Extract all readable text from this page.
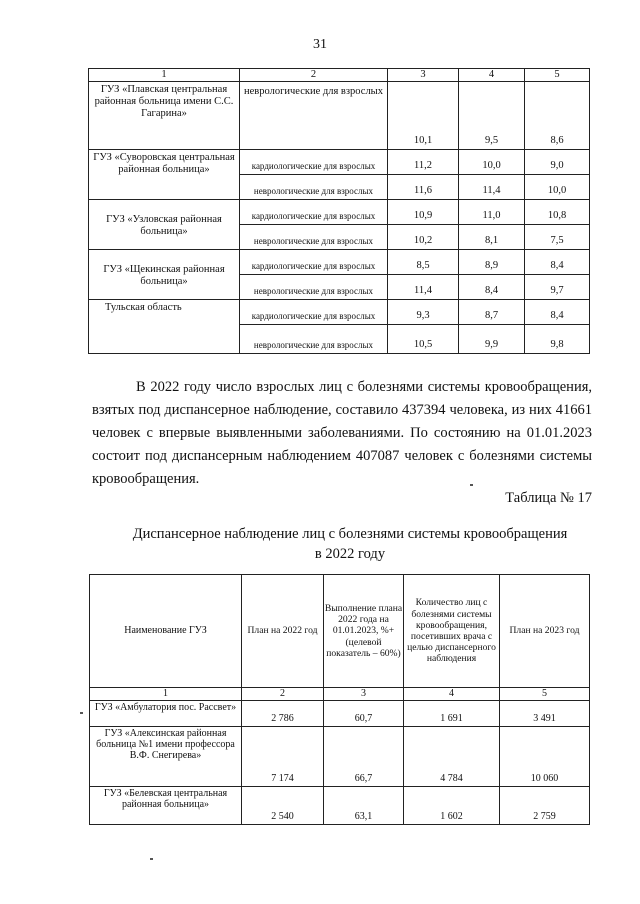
31
1	2	3	4	5
ГУЗ «Плавская центральная районная больница имени С.С. Гагарина»	неврологические для взрослых	10,1	9,5	8,6
ГУЗ «Суворовская центральная районная больница»	кардиологические для взрослых	11,2	10,0	9,0
	неврологические для взрослых	11,6	11,4	10,0
ГУЗ «Узловская районная больница»	кардиологические для взрослых	10,9	11,0	10,8
	неврологические для взрослых	10,2	8,1	7,5
ГУЗ «Щекинская районная больница»	кардиологические для взрослых	8,5	8,9	8,4
	неврологические для взрослых	11,4	8,4	9,7
Тульская область	кардиологические для взрослых	9,3	8,7	8,4
	неврологические для взрослых	10,5	9,9	9,8

В 2022 году число взрослых лиц с болезнями системы кровообращения, взятых под диспансерное наблюдение, составило 437394 человека, из них 41661 человек с впервые выявленными заболеваниями. По состоянию на 01.01.2023 состоит под диспансерным наблюдением 407087 человек с болезнями системы кровообращения.

Таблица № 17
Диспансерное наблюдение лиц с болезнями системы кровообращения
в 2022 году
Наименование ГУЗ	План на 2022 год	Выполнение плана 2022 года на 01.01.2023, %+ (целевой показатель – 60%)	Количество лиц с болезнями системы кровообращения, посетивших врача с целью диспансерного наблюдения	План на 2023 год
1	2	3	4	5
ГУЗ «Амбулатория пос. Рассвет»	2 786	60,7	1 691	3 491
ГУЗ «Алексинская районная больница №1 имени профессора В.Ф. Снегирева»	7 174	66,7	4 784	10 060
ГУЗ «Белевская центральная районная больница»	2 540	63,1	1 602	2 759
